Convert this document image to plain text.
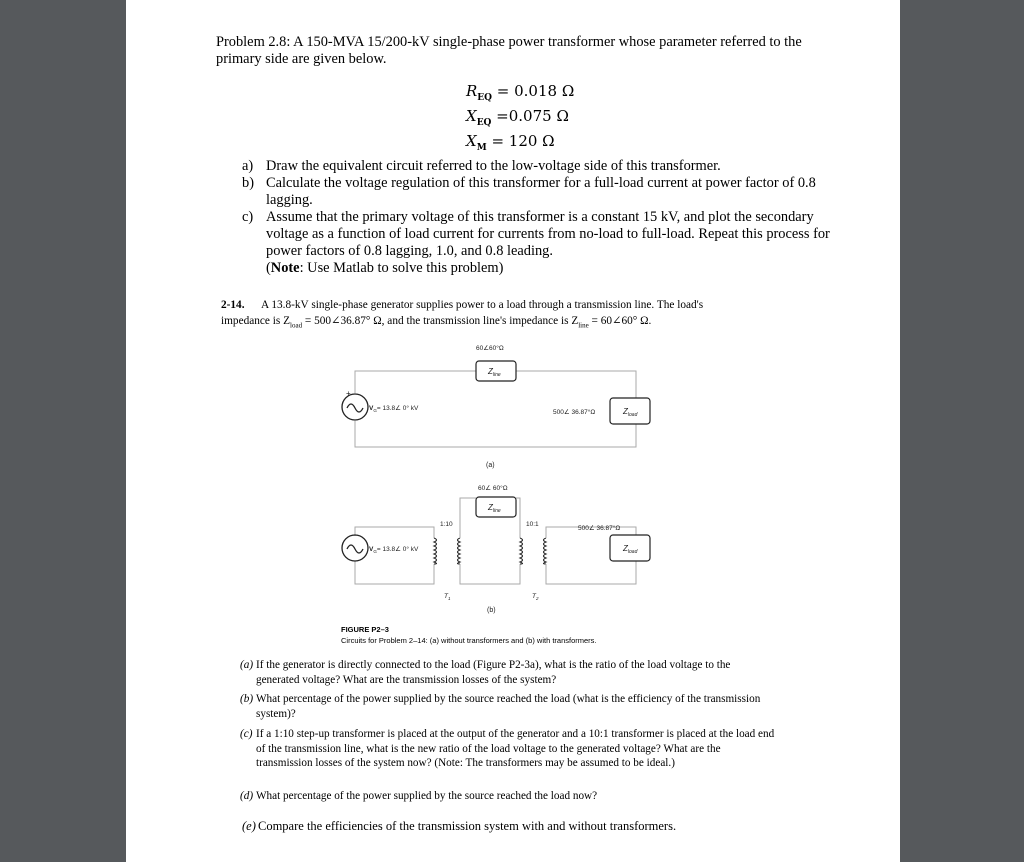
Problem 2.8: A 150-MVA 15/200-kV single-phase power transformer whose parameter referred to the primary side are given below.
$R_{EQ} = 0.018$ Ω
$X_{EQ} =0.075$ Ω
$X_M = 120$ Ω
a) Draw the equivalent circuit referred to the low-voltage side of this transformer.
b) Calculate the voltage regulation of this transformer for a full-load current at power factor of 0.8 lagging.
c) Assume that the primary voltage of this transformer is a constant 15 kV, and plot the secondary voltage as a function of load current for currents from no-load to full-load. Repeat this process for power factors of 0.8 lagging, 1.0, and 0.8 leading.
(Note: Use Matlab to solve this problem)
2-14. A 13.8-kV single-phase generator supplies power to a load through a transmission line. The load's
impedance is $Z_{load}$ = 500∠36.87° Ω, and the transmission line's impedance is $Z_{line}$ = 60∠60° Ω.
+
$Z_{line}$
60∠60°Ω
$V_G=$ 13.8∠ 0° kV	$Z_{load}$
500∠ 36.87°Ω
(a)
$V_G=$ 13.8∠ 0° kV
1:10
$T_1$
$Z_{line}$
60∠ 60°Ω
10:1
$T_2$
$Z_{load}$
500∠ 36.87°Ω
(b)
FIGURE P2–3
Circuits for Problem 2–14: (a) without transformers and (b) with transformers.
(a) If the generator is directly connected to the load (Figure P2-3a), what is the ratio of the load voltage to the generated voltage? What are the transmission losses of the system?
(b) What percentage of the power supplied by the source reached the load (what is the efficiency of the transmission system)?
(c) If a 1:10 step-up transformer is placed at the output of the generator and a 10:1 transformer is placed at the load end of the transmission line, what is the new ratio of the load voltage to the generated voltage? What are the transmission losses of the system now? (Note: The transformers may be assumed to be ideal.)
(d) What percentage of the power supplied by the source reached the load now?
(e) Compare the efficiencies of the transmission system with and without transformers.
